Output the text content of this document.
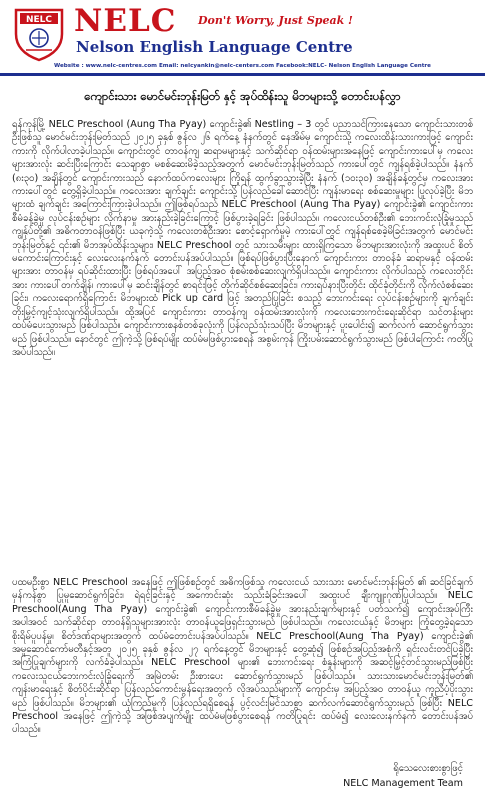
NELC NELC Don't Worry, Just Speak !
Nelson English Language Centre
Website : www.nelc-centres.com Email: nelcyankin@nelc-centers.com Facebook:NELC- Nelson English Language Centre
ကျောင်းသား မောင်မင်းဘုန်းမြတ် နှင့် အုပ်ထိန်းသူ မိဘများသို့ တောင်းပန်လွှာ
ရန်ကုန်မြို့ NELC Preschool (Aung Tha Pyay) ကျောင်းခွဲ၏ Nestling – 3 တွင် ပညာသင်ကြားနေသော ကျောင်းသားတစ်ဦးဖြစ်သူ မောင်မင်းဘုန်းမြတ်သည် ၂၀၂၅ ခုနှစ် ဇွန်လ ၂၆ ရက်နေ့ နံနက်တွင် နေအိမ်မှ ကျောင်းသို့ ကလေးထိန်းသားကားဖြင့် ကျောင်းကားကို လိုက်ပါလာခဲ့ပါသည်။ ကျောင်းတွင် တာဝန်ကျ ဆရာမများနှင့် သက်ဆိုင်ရာ ဝန်ထမ်းများအနေဖြင့် ကျောင်းကားပေါ်မှ ကလေးများအားလုံး ဆင်းပြီးကြောင်း သေချာစွာ မစစ်ဆေးမိခဲ့သည့်အတွက် မောင်မင်းဘုန်းမြတ်သည် ကားပေါ်တွင် ကျန်ရစ်ခဲ့ပါသည်။ နံနက် (၈း၃၀) အချိန်တွင် ကျောင်းကားသည် နောက်ထပ်ကလေးများ ကြိုရန် ထွက်ခွာသွားခဲ့ပြီး နံနက် (၁၀း၃၀) အချိန်ခန့်တွင်မှ ကလေးအား ကားပေါ်တွင် တွေ့ရှိခဲ့ပါသည်။ ကလေးအား ချက်ချင်း ကျောင်းသို့ ပြန်လည်ခေါ်ဆောင်ပြီး ကျန်းမာရေး စစ်ဆေးမှုများ ပြုလုပ်ခဲ့ပြီး မိဘများထံ ချက်ချင်း အကြောင်းကြားခဲ့ပါသည်။ ဤဖြစ်ရပ်သည် NELC Preschool (Aung Tha Pyay) ကျောင်းခွဲ၏ ကျောင်းကားစီမံခန့်ခွဲမှု လုပ်ငန်းစဉ်များ လိုက်နာမှု အားနည်းခဲ့ခြင်းကြောင့် ဖြစ်ပွားခဲ့ရခြင်း ဖြစ်ပါသည်။ ကလေးငယ်တစ်ဦး၏ ဘေးကင်းလုံခြုံမှုသည် ကျွန်ုပ်တို့၏ အဓိကတာဝန်ဖြစ်ပြီး ယခုကဲ့သို့ ကလေးတစ်ဦးအား စောင့်ရှောက်မှုမဲ့ ကားပေါ်တွင် ကျန်ရစ်စေခဲ့မိခြင်းအတွက် မောင်မင်းဘုန်းမြတ်နှင့် ၎င်း၏ မိဘအုပ်ထိန်းသူများ၊ NELC Preschool တွင် သားသမီးများ ထားရှိကြသော မိဘများအားလုံးကို အထူးပင် စိတ်မကောင်းကြောင်းနှင့် လေးလေးနက်နက် တောင်းပန်အပ်ပါသည်။ ဖြစ်ရပ်ဖြစ်ပွားပြီးနောက် ကျောင်းကား တာဝန်ခံ ဆရာမနှင့် ဝန်ထမ်းများအား တာဝန်မှ ရပ်ဆိုင်းထားပြီး ဖြစ်ရပ်အပေါ် အပြည့်အဝ စုံစမ်းစစ်ဆေးလျက်ရှိပါသည်။ ကျောင်းကား လိုက်ပါသည့် ကလေးတိုင်းအား ကားပေါ်တက်ချိန်၊ ကားပေါ်မှ ဆင်းချိန်တွင် စာရင်းဖြင့် တိုက်ဆိုင်စစ်ဆေးခြင်း၊ ကားရပ်နားပြီးတိုင်း ထိုင်ခုံတိုင်းကို လိုက်လံစစ်ဆေးခြင်း၊ ကလေးရောက်ရှိကြောင်း မိဘများထံ Pick up card ဖြင့် အတည်ပြုခြင်း စသည့် ဘေးကင်းရေး လုပ်ငန်းစဉ်များကို ချက်ချင်း တိုးမြှင့်ကျင့်သုံးလျက်ရှိပါသည်။ ထို့အပြင် ကျောင်းကား တာဝန်ကျ ဝန်ထမ်းအားလုံးကို ကလေးဘေးကင်းရေးဆိုင်ရာ သင်တန်းများ ထပ်မံပေးသွားမည် ဖြစ်ပါသည်။ ကျောင်းကားစနစ်တစ်ခုလုံးကို ပြန်လည်သုံးသပ်ပြီး မိဘများနှင့် ပူးပေါင်း၍ ဆက်လက် ဆောင်ရွက်သွားမည် ဖြစ်ပါသည်။ နောင်တွင် ဤကဲ့သို့ ဖြစ်ရပ်မျိုး ထပ်မံမဖြစ်ပွားစေရန် အစွမ်းကုန် ကြိုးပမ်းဆောင်ရွက်သွားမည် ဖြစ်ပါကြောင်း ကတိပြုအပ်ပါသည်။
ပထမဦးစွာ NELC Preschool အနေဖြင့် ဤဖြစ်စဉ်တွင် အဓိကဖြစ်သူ ကလေးငယ် သားသား မောင်မင်းဘုန်းမြတ် ၏ ဆင်ခြင်ချက်မှန်ကန်စွာ ပြုမူဆောင်ရွက်ခြင်း၊ ရဲရင့်ခြင်းနှင့် အကောင်းဆုံး သည်းခံခြင်းအပေါ် အထူးပင် ချီးကျူးဂုဏ်ပြုပါသည်။ NELC Preschool(Aung Tha Pyay) ကျောင်းခွဲ၏ ကျောင်းကားစီမံခန့်ခွဲမှု အားနည်းချက်များနှင့် ပတ်သက်၍ ကျောင်းအုပ်ကြီးအပါအဝင် သက်ဆိုင်ရာ တာဝန်ရှိသူများအားလုံး တာဝန်ယူဖြေရှင်းသွားမည် ဖြစ်ပါသည်။ ကလေးငယ်နှင့် မိဘများ ကြုံတွေ့ခဲ့ရသော စိုးရိမ်ပူပန်မှု၊ စိတ်ဒဏ်ရာများအတွက် ထပ်မံတောင်းပန်အပ်ပါသည်။ NELC Preschool(Aung Tha Pyay) ကျောင်းခွဲ၏ အမှုဆောင်ကော်မတီနှင့်အတူ ၂၀၂၅ ခုနှစ် ဇွန်လ ၂၇ ရက်နေ့တွင် မိဘများနှင့် တွေ့ဆုံ၍ ဖြစ်စဉ်အပြည့်အစုံကို ရှင်းလင်းတင်ပြခဲ့ပြီး အကြံပြုချက်များကို လက်ခံခဲ့ပါသည်။ NELC Preschool များ၏ ဘေးကင်းရေး စံနှုန်းများကို အဆင့်မြှင့်တင်သွားမည်ဖြစ်ပြီး ကလေးသူငယ်ဘေးကင်းလုံခြုံရေးကို အမြဲတမ်း ဦးစားပေး ဆောင်ရွက်သွားမည် ဖြစ်ပါသည်။ သားသားမောင်မင်းဘုန်းမြတ်၏ ကျန်းမာရေးနှင့် စိတ်ပိုင်းဆိုင်ရာ ပြန်လည်ကောင်းမွန်ရေးအတွက် လိုအပ်သည်များကို ကျောင်းမှ အပြည့်အဝ တာဝန်ယူ ကူညီပံ့ပိုးသွားမည် ဖြစ်ပါသည်။ မိဘများ၏ ယုံကြည်မှုကို ပြန်လည်ရရှိစေရန် ပွင့်လင်းမြင်သာစွာ ဆက်လက်ဆောင်ရွက်သွားမည် ဖြစ်ပြီး NELC Preschool အနေဖြင့် ဤကဲ့သို့ အဖြစ်အပျက်မျိုး ထပ်မံမဖြစ်ပွားစေရန် ကတိပြုရင်း ထပ်မံ၍ လေးလေးနက်နက် တောင်းပန်အပ်ပါသည်။
ရိုသေလေးစားစွာဖြင့်
NELC Management Team
